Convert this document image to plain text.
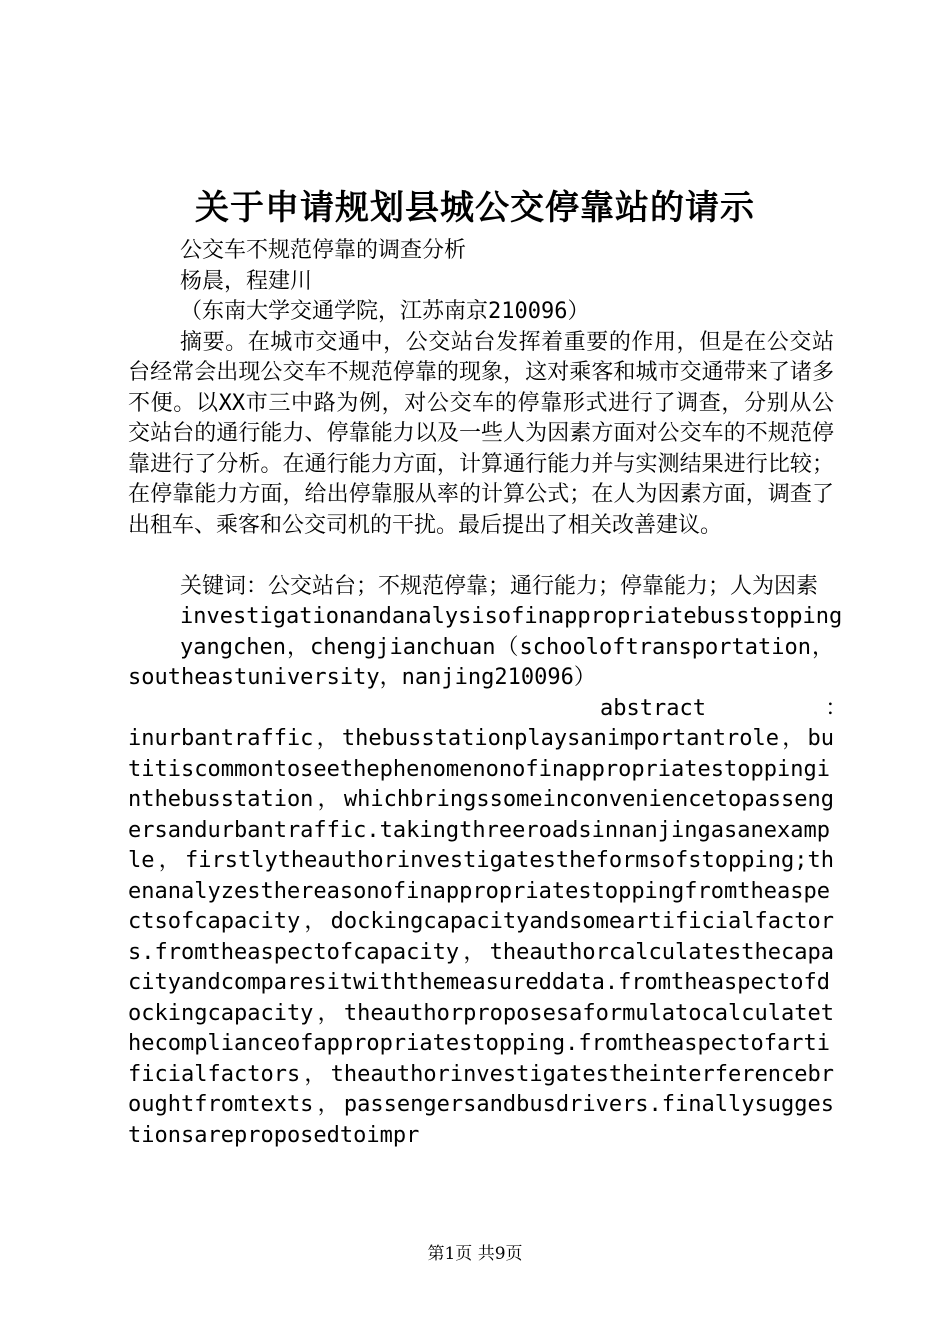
关于申请规划县城公交停靠站的请示

公交车不规范停靠的调查分析

杨晨，程建川

（东南大学交通学院，江苏南京210096）

摘要。在城市交通中，公交站台发挥着重要的作用，但是在公交站台经常会出现公交车不规范停靠的现象，这对乘客和城市交通带来了诸多不便。以XX市三中路为例，对公交车的停靠形式进行了调查，分别从公交站台的通行能力、停靠能力以及一些人为因素方面对公交车的不规范停靠进行了分析。在通行能力方面，计算通行能力并与实测结果进行比较；在停靠能力方面，给出停靠服从率的计算公式；在人为因素方面，调查了出租车、乘客和公交司机的干扰。最后提出了相关改善建议。

关键词：公交站台；不规范停靠；通行能力；停靠能力；人为因素

investigationandanalysisofinappropriatebusstopping

yangchen，chengjianchuan（schooloftransportation，southeastuniversity，nanjing210096）

abstract	：

inurbantraffic，thebusstationplaysanimportantrole，butitiscommontoseethephenomenonofinappropriatestoppinginthebusstation，whichbringssomeinconveniencetopassengersandurbantraffic.takingthreeroadsinnanjingasanexample，firstlytheauthorinvestigatestheformsofstopping;thenanalyzesthereasonofinappropriatestoppingfromtheaspectsofcapacity，dockingcapacityandsomeartificialfactors.fromtheaspectofcapacity，theauthorcalculatesthecapacityandcomparesitwiththemeasureddata.fromtheaspectofdockingcapacity，theauthorproposesaformulatocalculatethecomplianceofappropriatestopping.fromtheaspectofartificialfactors，theauthorinvestigatestheinterferencebroughtfromtexts，passengersandbusdrivers.finallysuggestionsareproposedtoimpr

第1页 共9页
